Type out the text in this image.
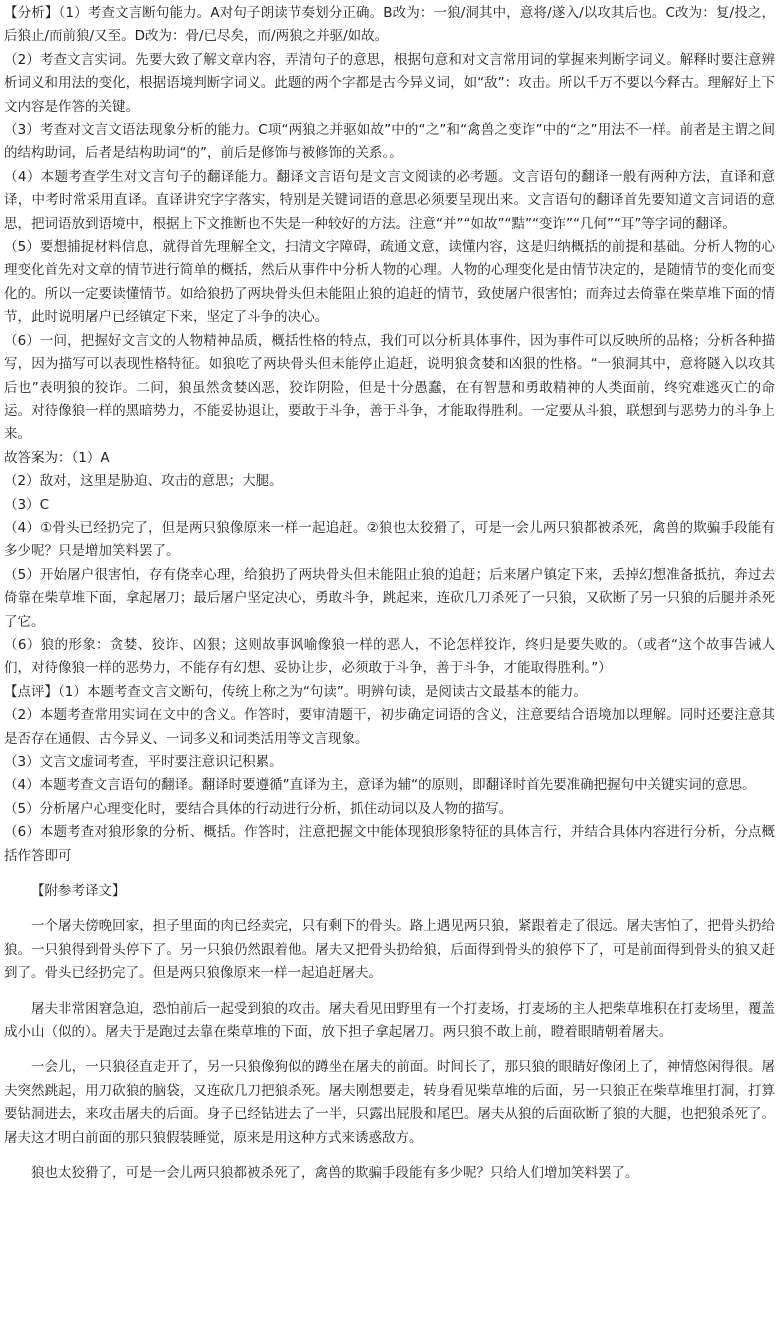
【分析】（1）考查文言断句能力。A对句子朗读节奏划分正确。B改为：一狼/洞其中，意将/遂入/以攻其后也。C改为：复/投之，后狼止/而前狼/又至。D改为：骨/已尽矣，而/两狼之并驱/如故。

（2）考查文言实词。先要大致了解文章内容，弄清句子的意思，根据句意和对文言常用词的掌握来判断字词义。解释时要注意辨析词义和用法的变化，根据语境判断字词义。此题的两个字都是古今异义词，如“敌”：攻击。所以千万不要以今释古。理解好上下文内容是作答的关键。

（3）考查对文言文语法现象分析的能力。C项“两狼之并驱如故”中的“之”和“禽兽之变诈”中的“之”用法不一样。前者是主谓之间的结构助词，后者是结构助词“的”，前后是修饰与被修饰的关系。。

（4）本题考查学生对文言句子的翻译能力。翻译文言语句是文言文阅读的必考题。文言语句的翻译一般有两种方法，直译和意译，中考时常采用直译。直译讲究字字落实，特别是关键词语的意思必须要呈现出来。文言语句的翻译首先要知道文言词语的意思，把词语放到语境中，根据上下文推断也不失是一种较好的方法。注意“并”“如故”“黠”“变诈”“几何”“耳”等字词的翻译。

（5）要想捕捉材料信息，就得首先理解全文，扫清文字障碍，疏通文意，读懂内容，这是归纳概括的前提和基础。分析人物的心理变化首先对文章的情节进行简单的概括，然后从事件中分析人物的心理。人物的心理变化是由情节决定的，是随情节的变化而变化的。所以一定要读懂情节。如给狼扔了两块骨头但未能阻止狼的追赶的情节，致使屠户很害怕；而奔过去倚靠在柴草堆下面的情节，此时说明屠户已经镇定下来，坚定了斗争的决心。

（6）一问，把握好文言文的人物精神品质，概括性格的特点，我们可以分析具体事件，因为事件可以反映所的品格；分析各种描写，因为描写可以表现性格特征。如狼吃了两块骨头但未能停止追赶，说明狼贪婪和凶狠的性格。“一狼洞其中，意将隧入以攻其后也”表明狼的狡诈。二问，狼虽然贪婪凶恶，狡诈阴险，但是十分愚蠢，在有智慧和勇敢精神的人类面前，终究难逃灭亡的命运。对待像狼一样的黑暗势力，不能妥协退让，要敢于斗争，善于斗争，才能取得胜利。一定要从斗狼，联想到与恶势力的斗争上来。

故答案为：（1）A

（2）敌对，这里是胁迫、攻击的意思；大腿。

（3）C

（4）①骨头已经扔完了，但是两只狼像原来一样一起追赶。②狼也太狡猾了，可是一会儿两只狼都被杀死，禽兽的欺骗手段能有多少呢？只是增加笑料罢了。

（5）开始屠户很害怕，存有侥幸心理，给狼扔了两块骨头但未能阻止狼的追赶；后来屠户镇定下来，丢掉幻想准备抵抗，奔过去倚靠在柴草堆下面，拿起屠刀；最后屠户坚定决心，勇敢斗争，跳起来，连砍几刀杀死了一只狼，又砍断了另一只狼的后腿并杀死了它。

（6）狼的形象：贪婪、狡诈、凶狠；这则故事讽喻像狼一样的恶人，不论怎样狡诈，终归是要失败的。（或者“这个故事告诫人们，对待像狼一样的恶势力，不能存有幻想、妥协让步，必须敢于斗争，善于斗争，才能取得胜利。”）

【点评】（1）本题考查文言文断句，传统上称之为“句读”。明辨句读，是阅读古文最基本的能力。

（2）本题考查常用实词在文中的含义。作答时，要审清题干，初步确定词语的含义，注意要结合语境加以理解。同时还要注意其是否存在通假、古今异义、一词多义和词类活用等文言现象。

（3）文言文虚词考查，平时要注意识记积累。

（4）本题考查文言语句的翻译。翻译时要遵循”直译为主，意译为辅“的原则，即翻译时首先要准确把握句中关键实词的意思。

（5）分析屠户心理变化时，要结合具体的行动进行分析，抓住动词以及人物的描写。

（6）本题考查对狼形象的分析、概括。作答时，注意把握文中能体现狼形象特征的具体言行，并结合具体内容进行分析，分点概括作答即可

【附参考译文】

一个屠夫傍晚回家，担子里面的肉已经卖完，只有剩下的骨头。路上遇见两只狼，紧跟着走了很远。屠夫害怕了，把骨头扔给狼。一只狼得到骨头停下了。另一只狼仍然跟着他。屠夫又把骨头扔给狼，后面得到骨头的狼停下了，可是前面得到骨头的狼又赶到了。骨头已经扔完了。但是两只狼像原来一样一起追赶屠夫。

屠夫非常困窘急迫，恐怕前后一起受到狼的攻击。屠夫看见田野里有一个打麦场，打麦场的主人把柴草堆积在打麦场里，覆盖成小山（似的）。屠夫于是跑过去靠在柴草堆的下面，放下担子拿起屠刀。两只狼不敢上前，瞪着眼睛朝着屠夫。

一会儿，一只狼径直走开了，另一只狼像狗似的蹲坐在屠夫的前面。时间长了，那只狼的眼睛好像闭上了，神情悠闲得很。屠夫突然跳起，用刀砍狼的脑袋，又连砍几刀把狼杀死。屠夫刚想要走，转身看见柴草堆的后面，另一只狼正在柴草堆里打洞，打算要钻洞进去，来攻击屠夫的后面。身子已经钻进去了一半，只露出屁股和尾巴。屠夫从狼的后面砍断了狼的大腿，也把狼杀死了。屠夫这才明白前面的那只狼假装睡觉，原来是用这种方式来诱惑敌方。

狼也太狡猾了，可是一会儿两只狼都被杀死了，禽兽的欺骗手段能有多少呢？只给人们增加笑料罢了。
